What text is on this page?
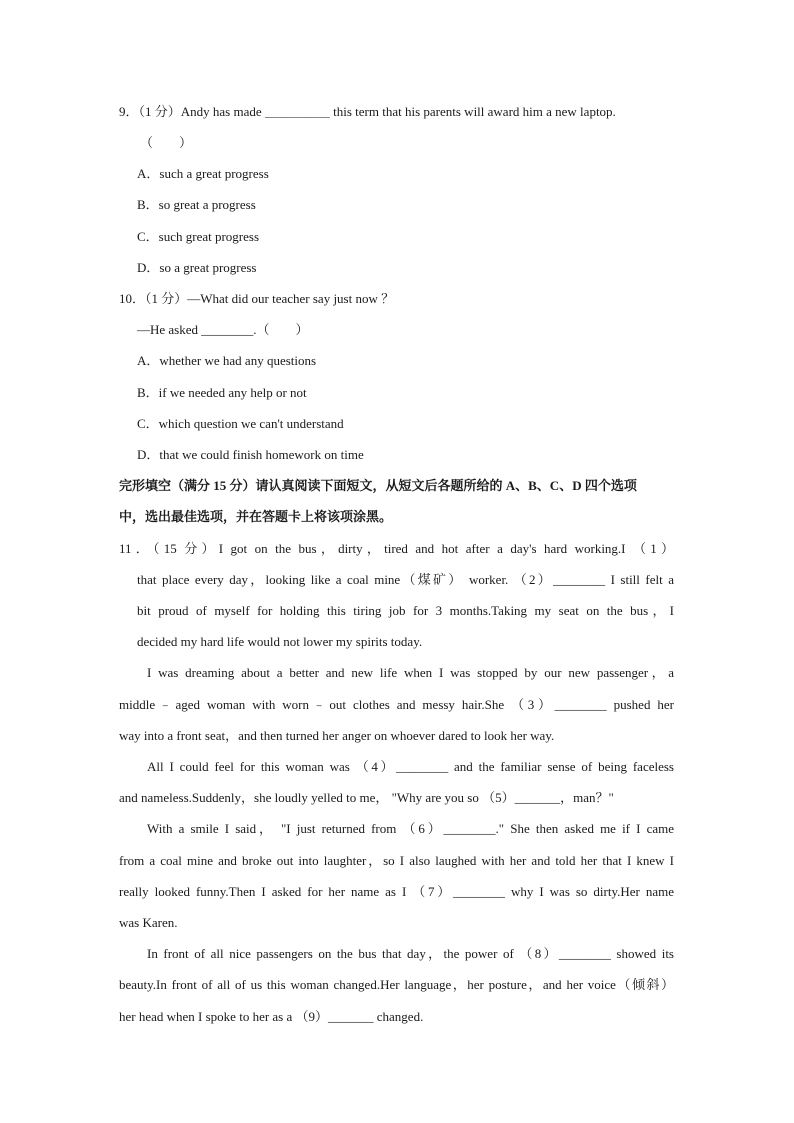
9．（1 分）Andy has made ＿＿＿＿＿ this term that his parents will award him a new laptop.
（　　）
A．such a great progress
B．so great a progress
C．such great progress
D．so a great progress
10．（1 分）—What did our teacher say just now ？
—He asked ________.（　　）
A．whether we had any questions
B．if we needed any help or not
C．which question we can't understand
D．that we could finish homework on time
完形填空（满分 15 分）请认真阅读下面短文，从短文后各题所给的 A、B、C、D 四个选项
中，选出最佳选项，并在答题卡上将该项涂黑。
11．（15 分）I got on the bus，dirty，tired and hot after a day's hard working.I （1）
that place every day，looking like a coal mine（煤矿） worker. （2）________ I still felt a
bit proud of myself for holding this tiring job for 3 months.Taking my seat on the bus，I
decided my hard life would not lower my spirits today.
I was dreaming about a better and new life when I was stopped by our new passenger，a
middle﹣aged woman with worn﹣out clothes and messy hair.She （3）________ pushed her
way into a front seat，and then turned her anger on whoever dared to look her way.
All I could feel for this woman was （4）________ and the familiar sense of being faceless
and nameless.Suddenly，she loudly yelled to me， "Why are you so （5）_______，man？"
With a smile I said， "I just returned from （6）________." She then asked me if I came
from a coal mine and broke out into laughter，so I also laughed with her and told her that I knew I
really looked funny.Then I asked for her name as I （7）________ why I was so dirty.Her name
was Karen.
In front of all nice passengers on the bus that day，the power of （8）________ showed its
beauty.In front of all of us this woman changed.Her language，her posture，and her voice（倾斜）
her head when I spoke to her as a （9）_______ changed.
